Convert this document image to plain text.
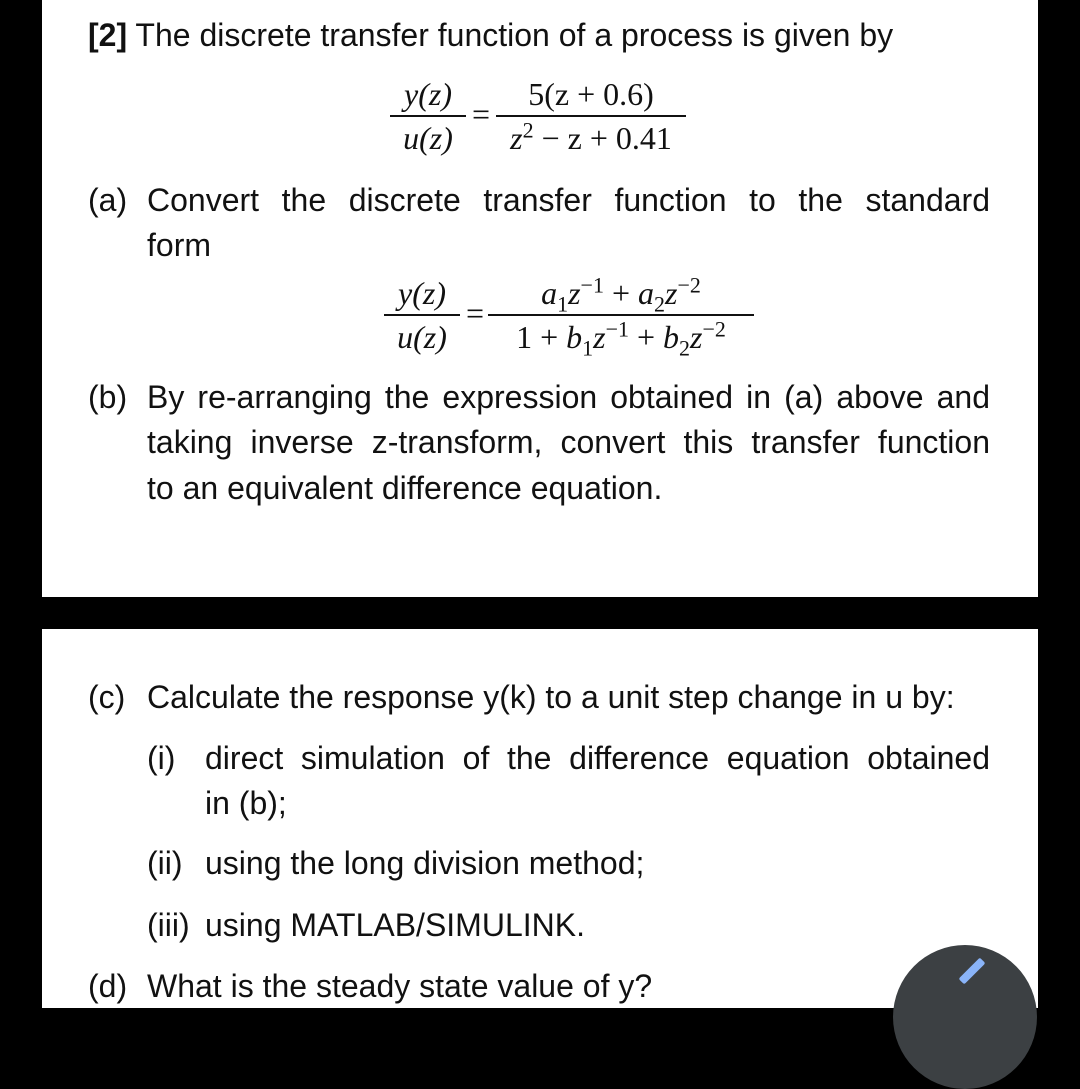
[2] The discrete transfer function of a process is given by
y(z)
u(z)
=
5(z + 0.6)
$z^2 - z + 0.41$
(a) Convert the discrete transfer function to the standard
form
y(z)
u(z)
=
$a_1z^{-1} + a_2z^{-2}$
$1 + b_1z^{-1} + b_2z^{-2}$
(b) By re-arranging the expression obtained in (a) above and
taking inverse z-transform, convert this transfer function
to an equivalent difference equation.
(c) Calculate the response y(k) to a unit step change in u by:
(i) direct simulation of the difference equation obtained
in (b);
(ii) using the long division method;
(iii) using MATLAB/SIMULINK.
(d) What is the steady state value of y?
